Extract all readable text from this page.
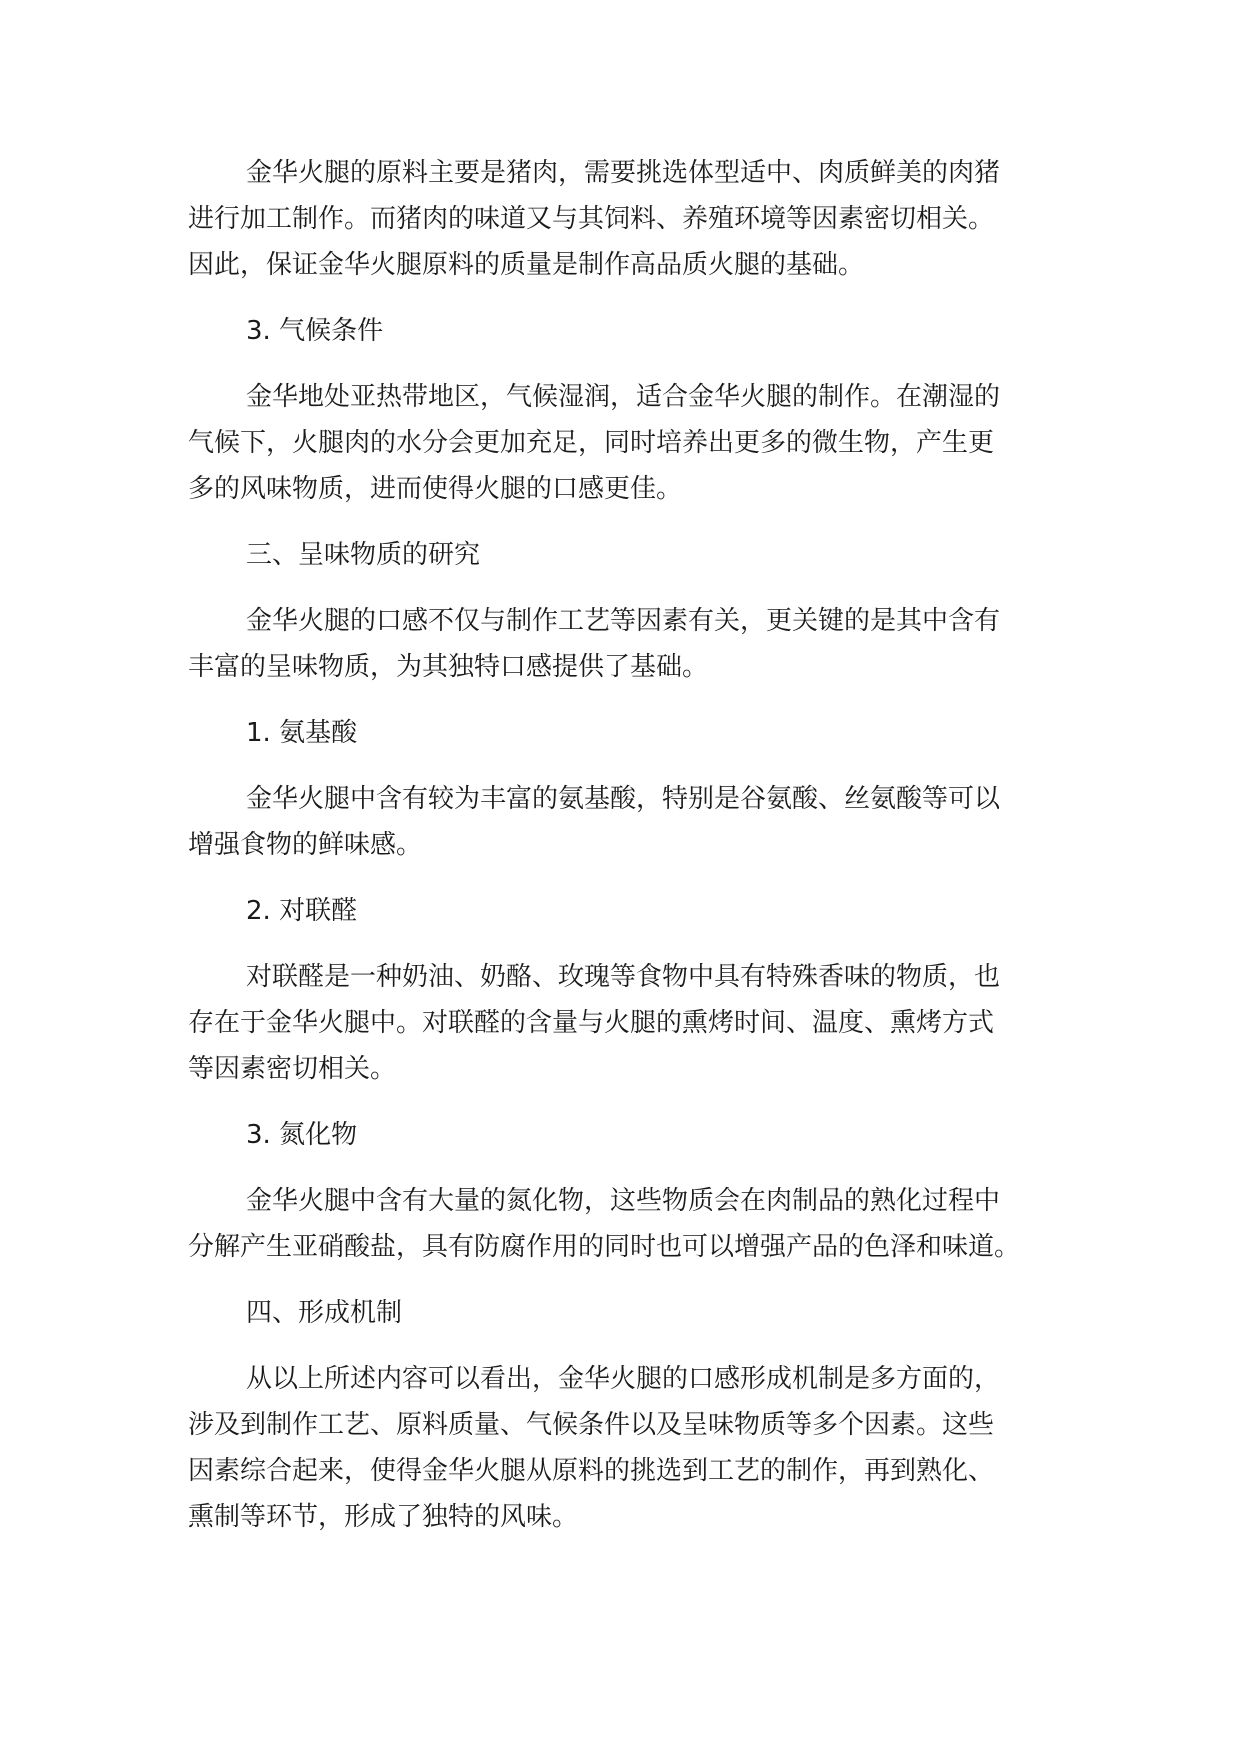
金华火腿的原料主要是猪肉，需要挑选体型适中、肉质鲜美的肉猪
进行加工制作。而猪肉的味道又与其饲料、养殖环境等因素密切相关。
因此，保证金华火腿原料的质量是制作高品质火腿的基础。

3. 气候条件

金华地处亚热带地区，气候湿润，适合金华火腿的制作。在潮湿的
气候下，火腿肉的水分会更加充足，同时培养出更多的微生物，产生更
多的风味物质，进而使得火腿的口感更佳。

三、呈味物质的研究

金华火腿的口感不仅与制作工艺等因素有关，更关键的是其中含有
丰富的呈味物质，为其独特口感提供了基础。

1. 氨基酸

金华火腿中含有较为丰富的氨基酸，特别是谷氨酸、丝氨酸等可以
增强食物的鲜味感。

2. 对联醛

对联醛是一种奶油、奶酪、玫瑰等食物中具有特殊香味的物质，也
存在于金华火腿中。对联醛的含量与火腿的熏烤时间、温度、熏烤方式
等因素密切相关。

3. 氮化物

金华火腿中含有大量的氮化物，这些物质会在肉制品的熟化过程中
分解产生亚硝酸盐，具有防腐作用的同时也可以增强产品的色泽和味道。

四、形成机制

从以上所述内容可以看出，金华火腿的口感形成机制是多方面的，
涉及到制作工艺、原料质量、气候条件以及呈味物质等多个因素。这些
因素综合起来，使得金华火腿从原料的挑选到工艺的制作，再到熟化、
熏制等环节，形成了独特的风味。
